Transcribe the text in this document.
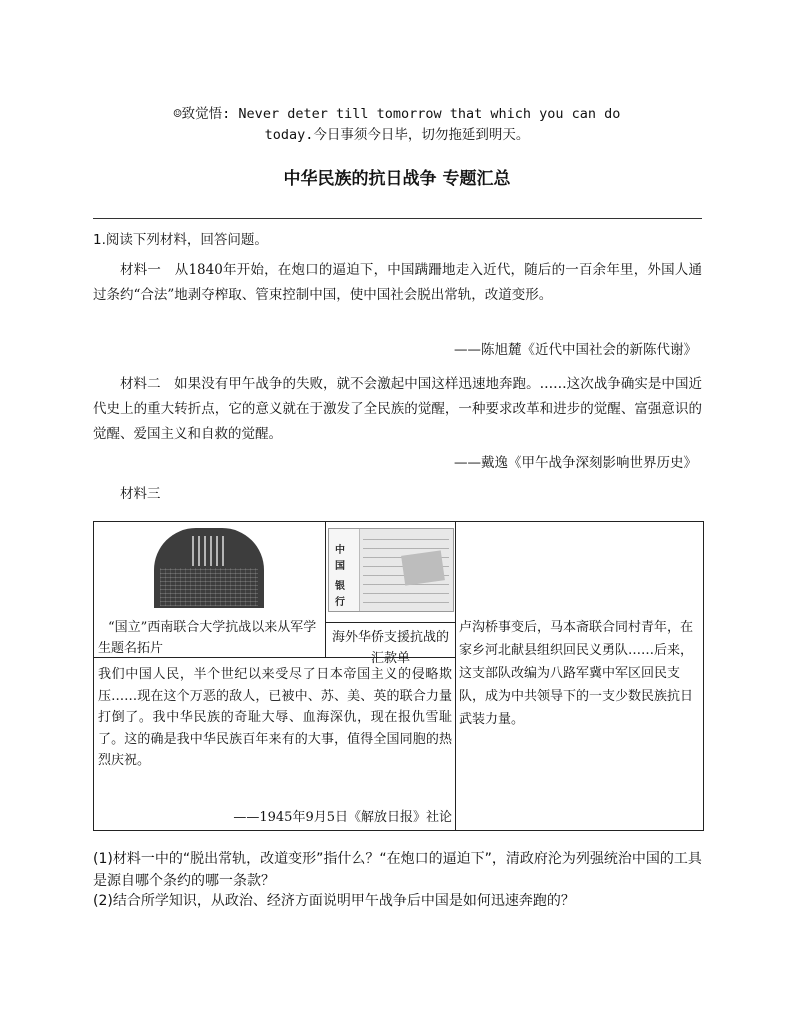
☺致觉悟: Never deter till tomorrow that which you can do
today.今日事须今日毕，切勿拖延到明天。
中华民族的抗日战争 专题汇总
1.阅读下列材料，回答问题。
材料一　从1840年开始，在炮口的逼迫下，中国蹒跚地走入近代，随后的一百余年里，外国人通过条约“合法”地剥夺榨取、管束控制中国，使中国社会脱出常轨，改道变形。
——陈旭麓《近代中国社会的新陈代谢》
材料二　如果没有甲午战争的失败，就不会激起中国这样迅速地奔跑。……这次战争确实是中国近代史上的重大转折点，它的意义就在于激发了全民族的觉醒，一种要求改革和进步的觉醒、富强意识的觉醒、爱国主义和自救的觉醒。
——戴逸《甲午战争深刻影响世界历史》
材料三
“国立”西南联合大学抗战以来从军学生题名拓片
中
国
银
行
海外华侨支援抗战的汇款单
卢沟桥事变后，马本斋联合同村青年，在家乡河北献县组织回民义勇队……后来，这支部队改编为八路军冀中军区回民支队，成为中共领导下的一支少数民族抗日武装力量。
我们中国人民，半个世纪以来受尽了日本帝国主义的侵略欺压……现在这个万恶的敌人，已被中、苏、美、英的联合力量打倒了。我中华民族的奇耻大辱、血海深仇，现在报仇雪耻了。这的确是我中华民族百年来有的大事，值得全国同胞的热烈庆祝。
——1945年9月5日《解放日报》社论
(1)材料一中的“脱出常轨，改道变形”指什么？“在炮口的逼迫下”，清政府沦为列强统治中国的工具是源自哪个条约的哪一条款？
(2)结合所学知识，从政治、经济方面说明甲午战争后中国是如何迅速奔跑的？
